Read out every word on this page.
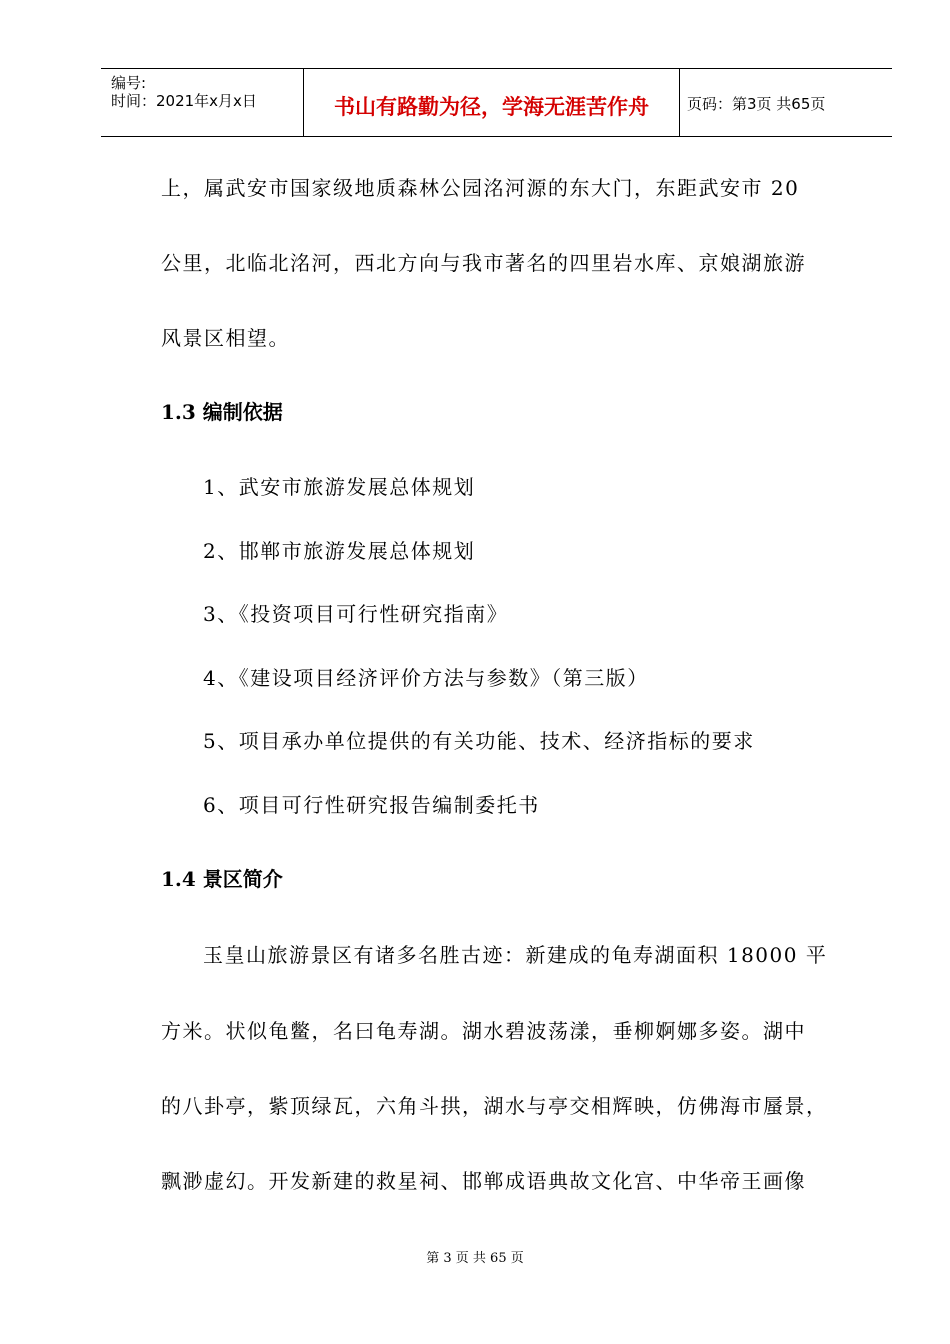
编号:
时间：2021年x月x日	书山有路勤为径，学海无涯苦作舟	页码：第3页 共65页
上，属武安市国家级地质森林公园洺河源的东大门，东距武安市 20
公里，北临北洺河，西北方向与我市著名的四里岩水库、京娘湖旅游
风景区相望。
1.3 编制依据
1、武安市旅游发展总体规划
2、邯郸市旅游发展总体规划
3、《投资项目可行性研究指南》
4、《建设项目经济评价方法与参数》（第三版）
5、项目承办单位提供的有关功能、技术、经济指标的要求
6、项目可行性研究报告编制委托书
1.4 景区简介
玉皇山旅游景区有诸多名胜古迹：新建成的龟寿湖面积 18000 平
方米。状似龟鳖，名曰龟寿湖。湖水碧波荡漾，垂柳婀娜多姿。湖中
的八卦亭，紫顶绿瓦，六角斗拱，湖水与亭交相辉映，仿佛海市蜃景，
飘渺虚幻。开发新建的救星祠、邯郸成语典故文化宫、中华帝王画像
第 3 页 共 65 页
